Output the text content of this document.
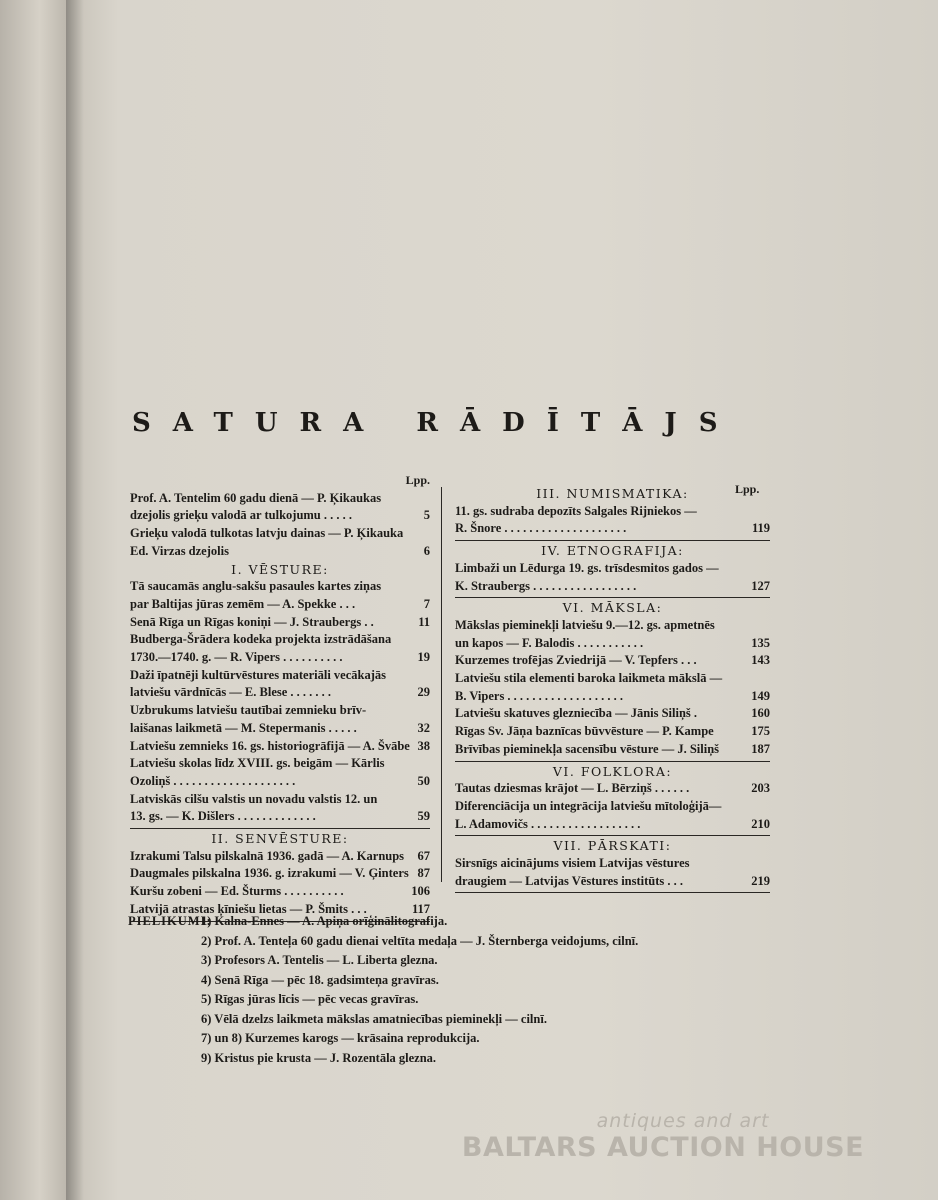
SATURA RĀDĪTĀJS
Lpp.
Prof. A. Tentelim 60 gadu dienā — P. Ķikaukas
dzejolis grieķu valodā ar tulkojumu . . . . .	5
Grieķu valodā tulkotas latvju dainas — P. Ķikauka
Ed. Virzas dzejolis	6
I. VĒSTURE:
Tā saucamās anglu-sakšu pasaules kartes ziņas
par Baltijas jūras zemēm — A. Spekke . . .	7
Senā Rīga un Rīgas koniņi — J. Straubergs . .	11
Budberga-Šrādera kodeka projekta izstrādāšana
1730.—1740. g. — R. Vipers . . . . . . . . . .	19
Daži īpatnēji kultūrvēstures materiāli vecākajās
latviešu vārdnīcās — E. Blese . . . . . . .	29
Uzbrukums latviešu tautībai zemnieku brīv-
laišanas laikmetā — M. Stepermanis . . . . .	32
Latviešu zemnieks 16. gs. historiogrāfijā — A. Švābe 38
Latviešu skolas līdz XVIII. gs. beigām — Kārlis
Ozoliņš . . . . . . . . . . . . . . . . . . . .	50
Latviskās cilšu valstis un novadu valstis 12. un
13. gs. — K. Dišlers . . . . . . . . . . . . .	59
II. SENVĒSTURE:
Izrakumi Talsu pilskalnā 1936. gadā — A. Karnups	67
Daugmales pilskalna 1936. g. izrakumi — V. Ģinters 87
Kuršu zobeni — Ed. Šturms . . . . . . . . . .	106
Latvijā atrastas ķīniešu lietas — P. Šmits . . .	117
Lpp.
III. NUMISMATIKA:
11. gs. sudraba depozīts Salgales Rijniekos —
R. Šnore . . . . . . . . . . . . . . . . . . . .	119
IV. ETNOGRAFIJA:
Limbaži un Lēdurga 19. gs. trīsdesmitos gados —
K. Straubergs . . . . . . . . . . . . . . . . .	127
VI. MĀKSLA:
Mākslas pieminekļi latviešu 9.—12. gs. apmetnēs
un kapos — F. Balodis . . . . . . . . . . .	135
Kurzemes trofējas Zviedrijā — V. Tepfers . . .	143
Latviešu stila elementi baroka laikmeta mākslā —
B. Vipers . . . . . . . . . . . . . . . . . . .	149
Latviešu skatuves glezniecība — Jānis Siliņš .	160
Rīgas Sv. Jāņa baznīcas būvvēsture — P. Kampe	175
Brīvības pieminekļa sacensību vēsture — J. Siliņš	187
VI. FOLKLORA:
Tautas dziesmas krājot — L. Bērziņš . . . . . .	203
Diferenciācija un integrācija latviešu mītoloģijā—
L. Adamovičs . . . . . . . . . . . . . . . . . .	210
VII. PĀRSKATI:
Sirsnīgs aicinājums visiem Latvijas vēstures
draugiem — Latvijas Vēstures institūts . . .	219
PIELIKUMI:
1) Kalna-Ennes — A. Apiņa orīģinālitografija.
2) Prof. A. Tenteļa 60 gadu dienai veltīta medaļa — J. Šternberga veidojums, cilnī.
3) Profesors A. Tentelis — L. Liberta glezna.
4) Senā Rīga — pēc 18. gadsimteņa gravīras.
5) Rīgas jūras līcis — pēc vecas gravīras.
6) Vēlā dzelzs laikmeta mākslas amatniecības pieminekļi — cilnī.
7) un 8) Kurzemes karogs — krāsaina reprodukcija.
9) Kristus pie krusta — J. Rozentāla glezna.
antiques and art
BALTARS AUCTION HOUSE
